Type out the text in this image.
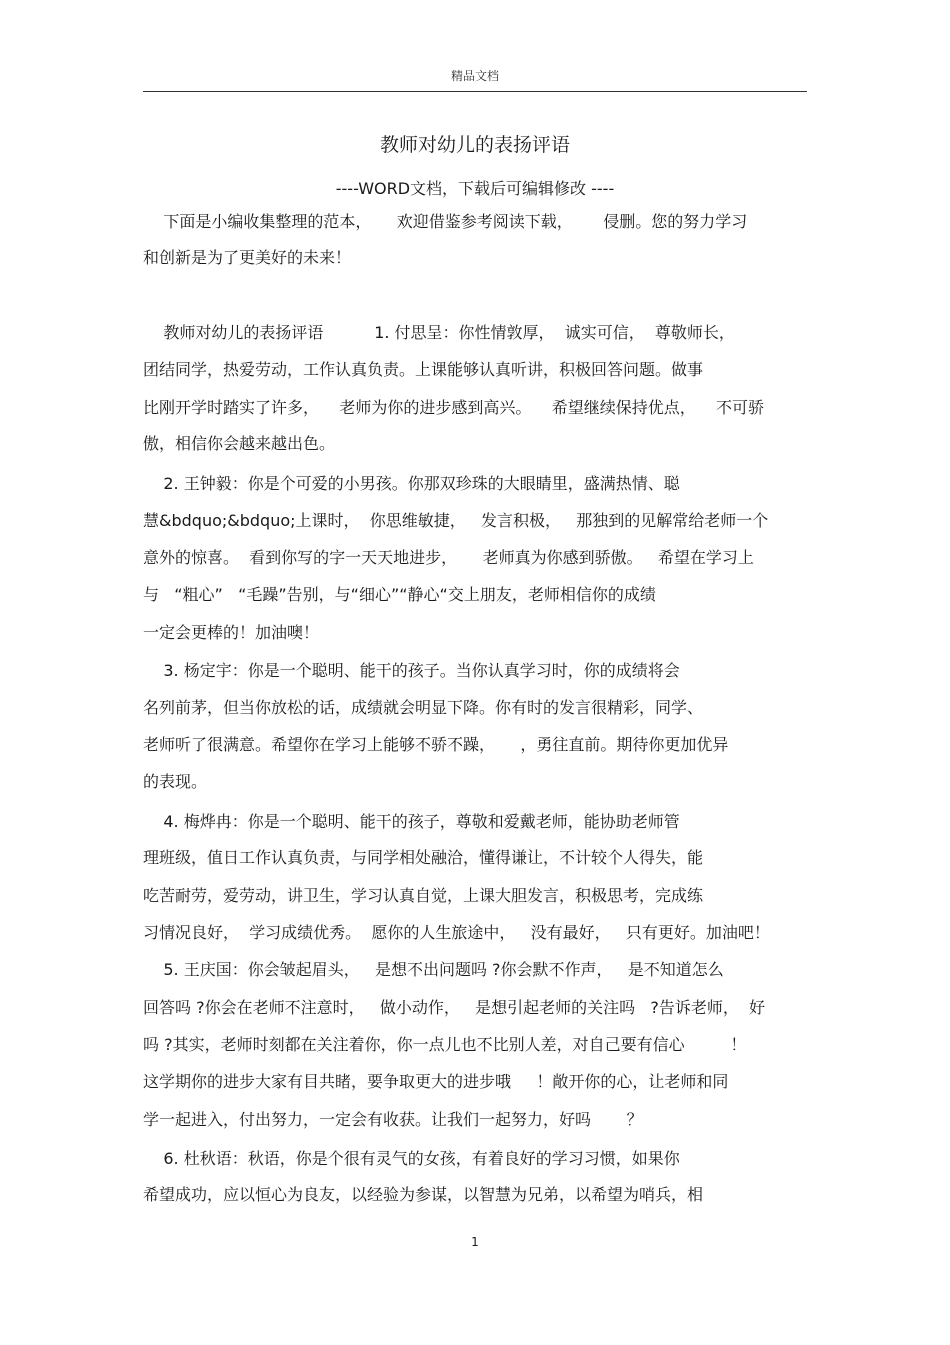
精品文档
教师对幼儿的表扬评语
----WORD文档，下载后可编辑修改 ----
下面是小编收集整理的范本，     欢迎借鉴参考阅读下载，      侵删。您的努力学习
和创新是为了更美好的未来！
教师对幼儿的表扬评语          1. 付思呈：你性情敦厚，  诚实可信，  尊敬师长，
团结同学，热爱劳动，工作认真负责。上课能够认真听讲，积极回答问题。做事
比刚开学时踏实了许多，    老师为你的进步感到高兴。    希望继续保持优点，    不可骄
傲，相信你会越来越出色。
2. 王钟毅：你是个可爱的小男孩。你那双珍珠的大眼睛里，盛满热情、聪
慧&bdquo;&bdquo;上课时，  你思维敏捷，   发言积极，   那独到的见解常给老师一个
意外的惊喜。  看到你写的字一天天地进步，     老师真为你感到骄傲。   希望在学习上
与   “粗心”   “毛躁”告别，与“细心”“静心“交上朋友，老师相信你的成绩
一定会更棒的！加油噢！
3. 杨定宇：你是一个聪明、能干的孩子。当你认真学习时，你的成绩将会
名列前茅，但当你放松的话，成绩就会明显下降。你有时的发言很精彩，同学、
老师听了很满意。希望你在学习上能够不骄不躁，     ，勇往直前。期待你更加优异
的表现。
4. 梅烨冉：你是一个聪明、能干的孩子，尊敬和爱戴老师，能协助老师管
理班级，值日工作认真负责，与同学相处融洽，懂得谦让，不计较个人得失，能
吃苦耐劳，爱劳动，讲卫生，学习认真自觉，上课大胆发言，积极思考，完成练
习情况良好，  学习成绩优秀。  愿你的人生旅途中，   没有最好，   只有更好。加油吧！
5. 王庆国：你会皱起眉头，   是想不出问题吗 ?你会默不作声，   是不知道怎么
回答吗 ?你会在老师不注意时，   做小动作，   是想引起老师的关注吗   ?告诉老师，  好
吗 ?其实，老师时刻都在关注着你，你一点儿也不比别人差，对自己要有信心         ！
这学期你的进步大家有目共睹，要争取更大的进步哦     ！敞开你的心，让老师和同
学一起进入，付出努力，一定会有收获。让我们一起努力，好吗       ？
6. 杜秋语：秋语，你是个很有灵气的女孩，有着良好的学习习惯，如果你
希望成功，应以恒心为良友，以经验为参谋，以智慧为兄弟，以希望为哨兵，相
1
